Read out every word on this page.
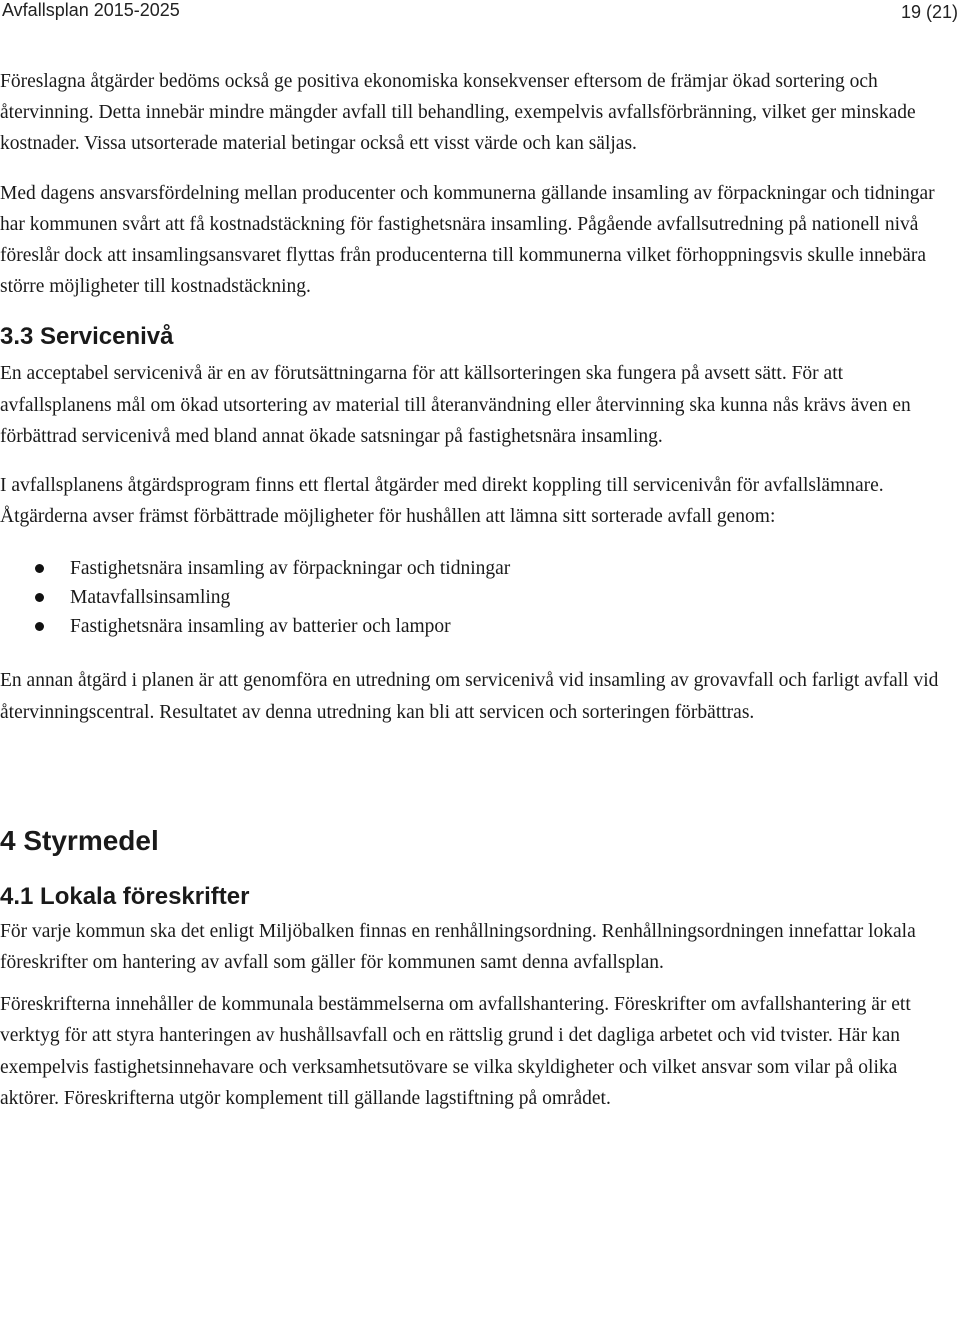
Avfallsplan 2015-2025	19 (21)

Föreslagna åtgärder bedöms också ge positiva ekonomiska konsekvenser eftersom de främjar ökad sortering och återvinning. Detta innebär mindre mängder avfall till behandling, exempelvis avfallsförbränning, vilket ger minskade kostnader. Vissa utsorterade material betingar också ett visst värde och kan säljas.

Med dagens ansvarsfördelning mellan producenter och kommunerna gällande insamling av förpackningar och tidningar har kommunen svårt att få kostnadstäckning för fastighetsnära insamling. Pågående avfallsutredning på nationell nivå föreslår dock att insamlingsansvaret flyttas från producenterna till kommunerna vilket förhoppningsvis skulle innebära större möjligheter till kostnadstäckning.

3.3 Servicenivå

En acceptabel servicenivå är en av förutsättningarna för att källsorteringen ska fungera på avsett sätt. För att avfallsplanens mål om ökad utsortering av material till återanvändning eller återvinning ska kunna nås krävs även en förbättrad servicenivå med bland annat ökade satsningar på fastighetsnära insamling.

I avfallsplanens åtgärdsprogram finns ett flertal åtgärder med direkt koppling till servicenivån för avfallslämnare. Åtgärderna avser främst förbättrade möjligheter för hushållen att lämna sitt sorterade avfall genom:

Fastighetsnära insamling av förpackningar och tidningar
Matavfallsinsamling
Fastighetsnära insamling av batterier och lampor

En annan åtgärd i planen är att genomföra en utredning om servicenivå vid insamling av grovavfall och farligt avfall vid återvinningscentral. Resultatet av denna utredning kan bli att servicen och sorteringen förbättras.

4 Styrmedel
4.1 Lokala föreskrifter

För varje kommun ska det enligt Miljöbalken finnas en renhållningsordning. Renhållningsordningen innefattar lokala föreskrifter om hantering av avfall som gäller för kommunen samt denna avfallsplan.

Föreskrifterna innehåller de kommunala bestämmelserna om avfallshantering. Föreskrifter om avfallshantering är ett verktyg för att styra hanteringen av hushållsavfall och en rättslig grund i det dagliga arbetet och vid tvister. Här kan exempelvis fastighetsinnehavare och verksamhetsutövare se vilka skyldigheter och vilket ansvar som vilar på olika aktörer. Föreskrifterna utgör komplement till gällande lagstiftning på området.
